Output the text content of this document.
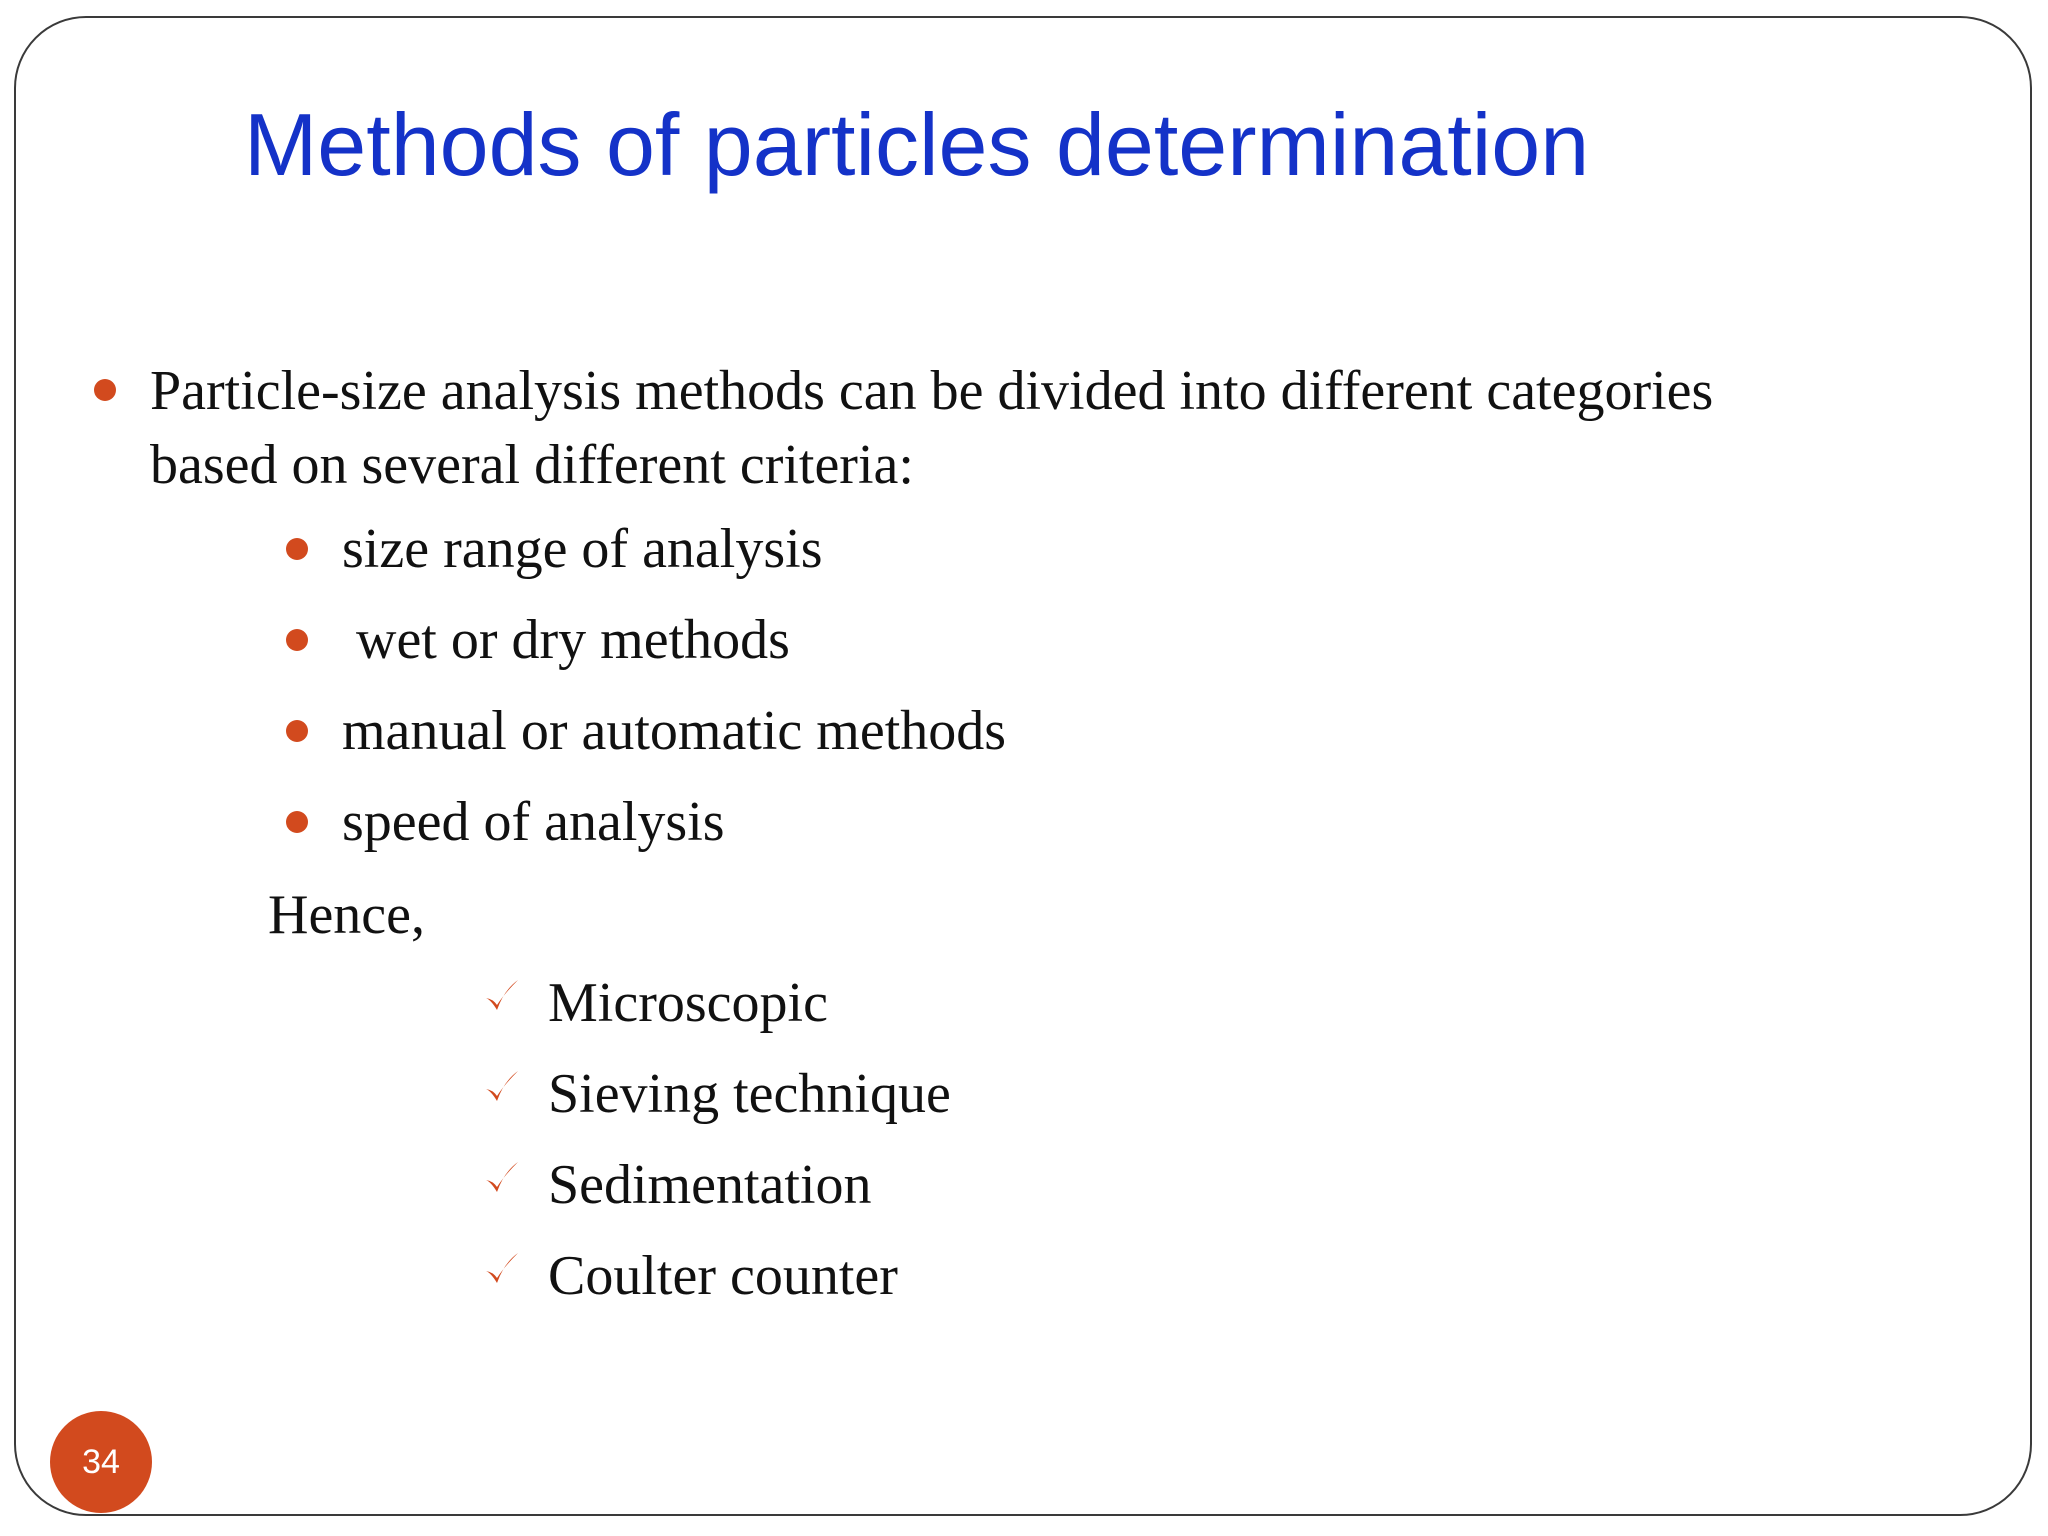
Methods of particles determination
Particle-size analysis methods can be divided into different categories
based on several different criteria:
size range of analysis
wet or dry methods
manual or automatic methods
speed of analysis
Hence,
Microscopic
Sieving technique
Sedimentation
Coulter counter
34
